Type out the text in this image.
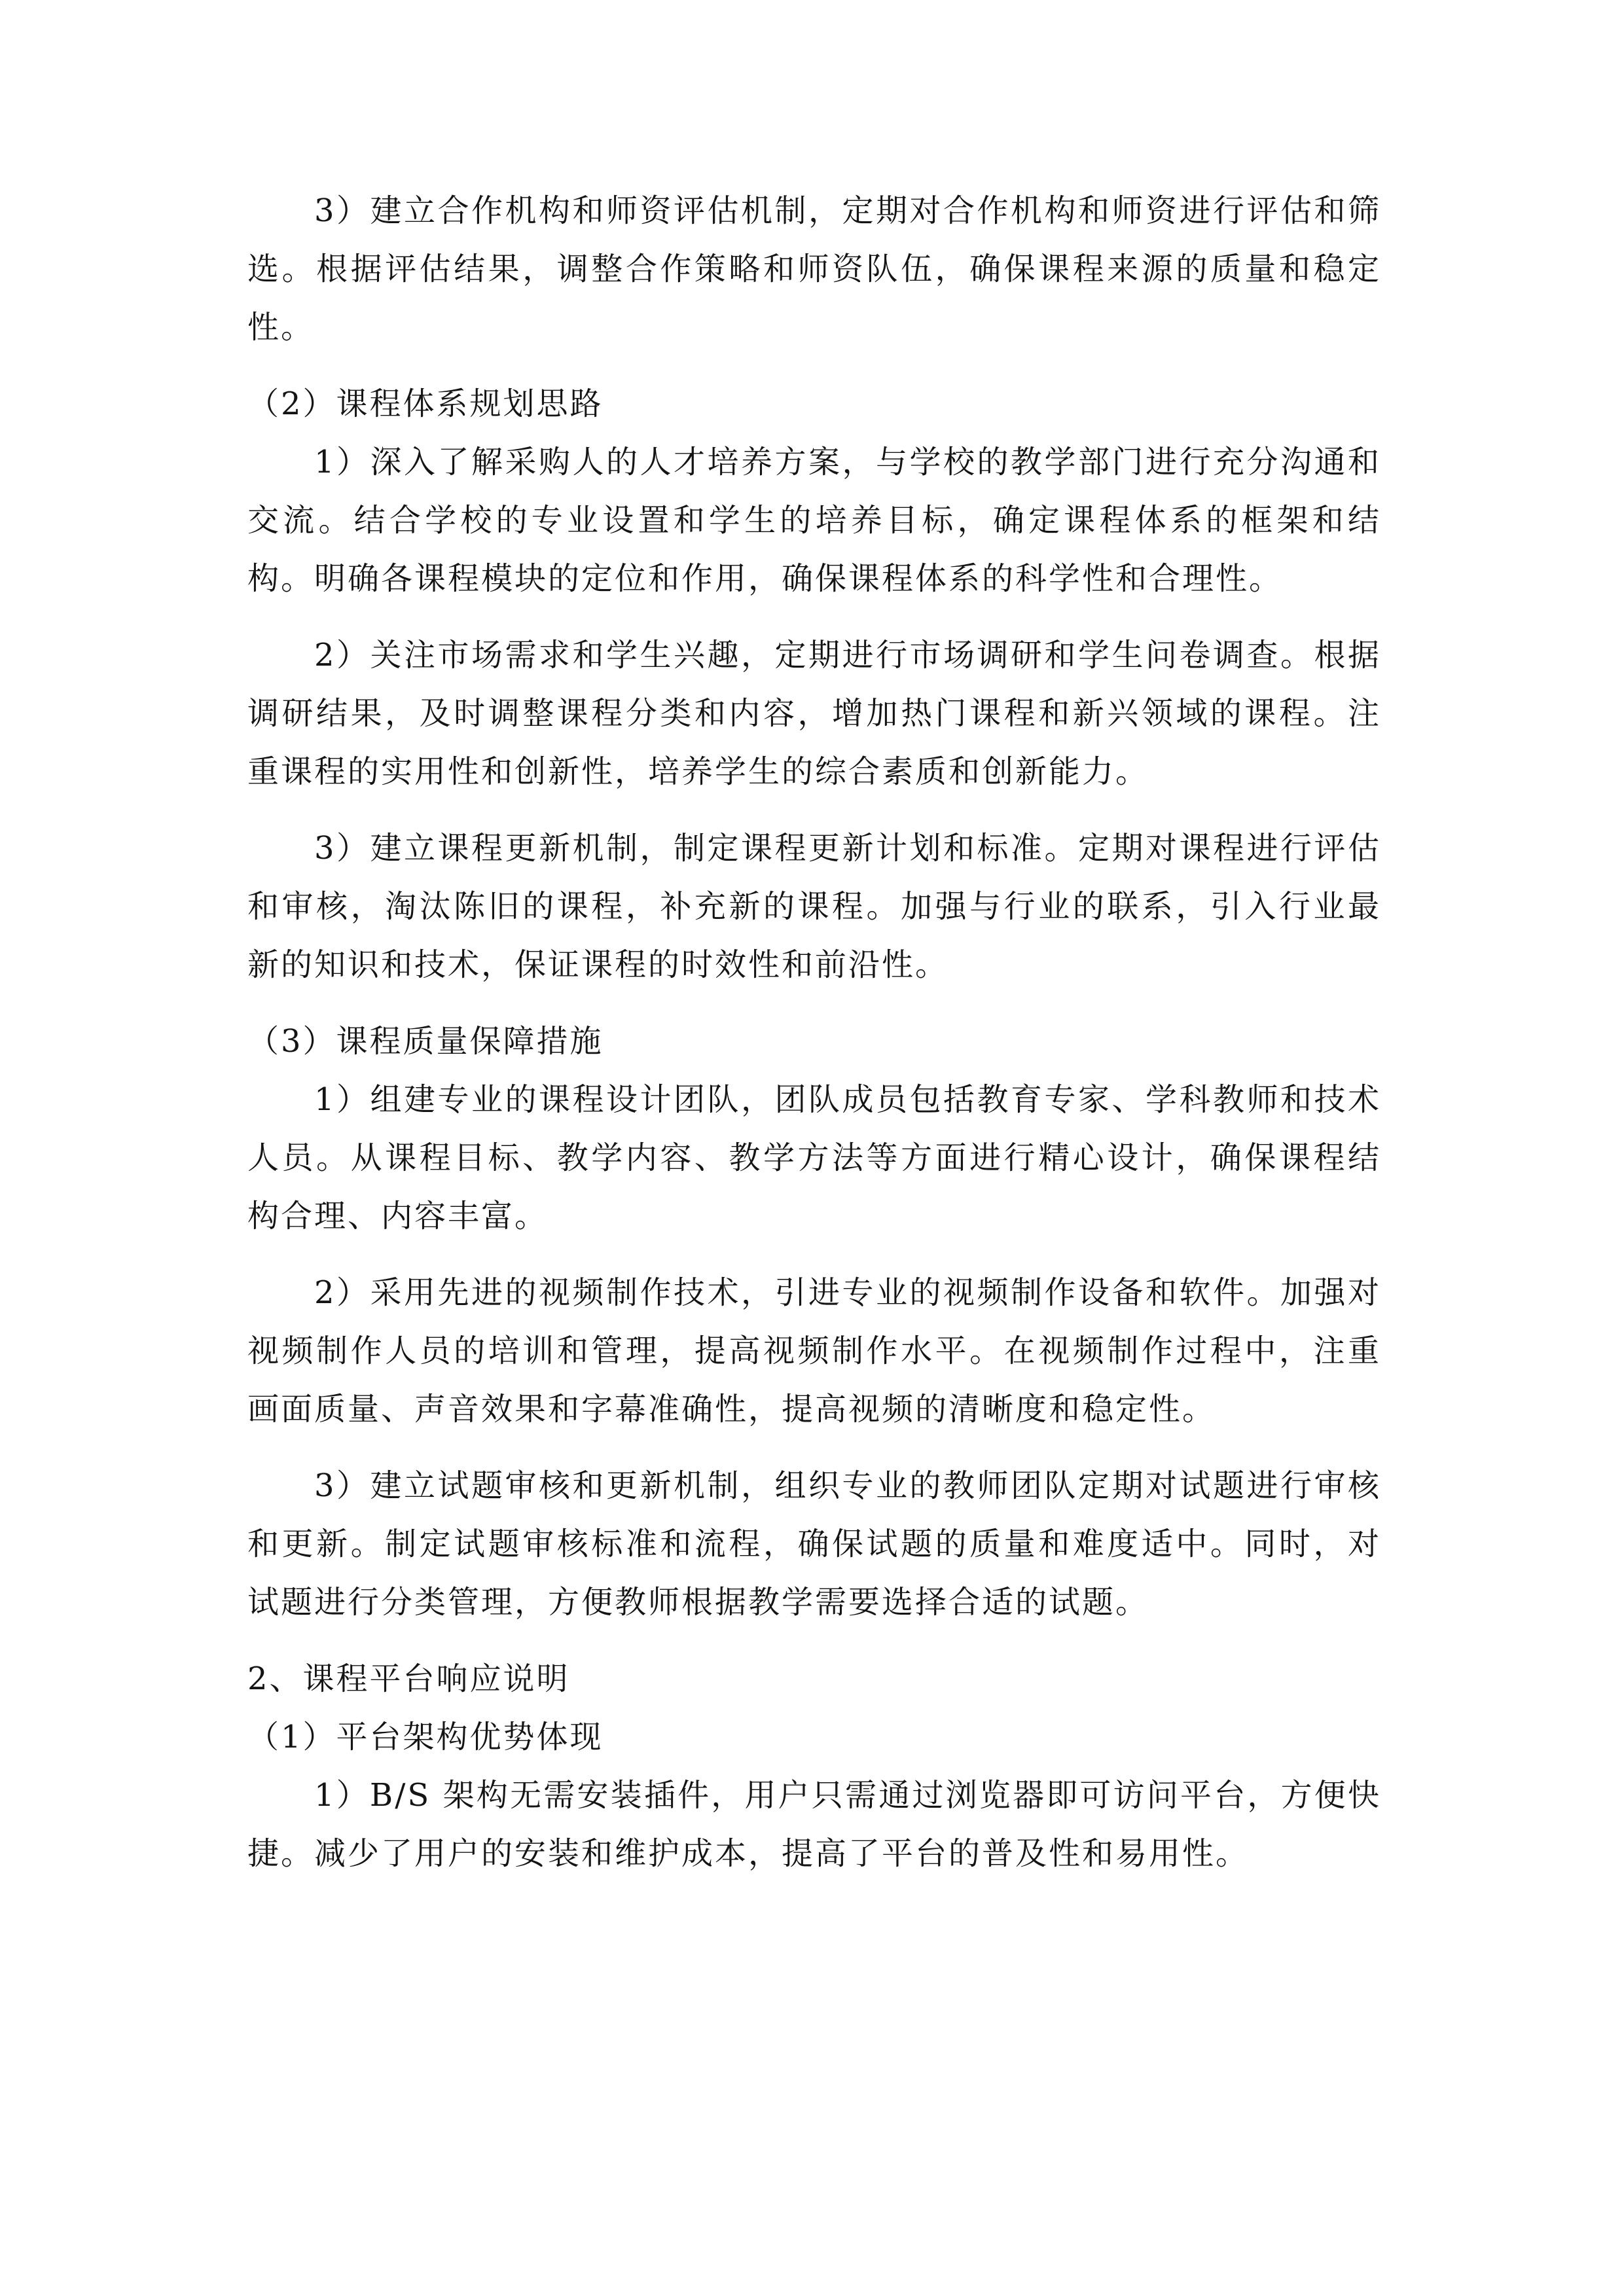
3）建立合作机构和师资评估机制，定期对合作机构和师资进行评估和筛选。根据评估结果，调整合作策略和师资队伍，确保课程来源的质量和稳定性。

（2）课程体系规划思路

1）深入了解采购人的人才培养方案，与学校的教学部门进行充分沟通和交流。结合学校的专业设置和学生的培养目标，确定课程体系的框架和结构。明确各课程模块的定位和作用，确保课程体系的科学性和合理性。

2）关注市场需求和学生兴趣，定期进行市场调研和学生问卷调查。根据调研结果，及时调整课程分类和内容，增加热门课程和新兴领域的课程。注重课程的实用性和创新性，培养学生的综合素质和创新能力。

3）建立课程更新机制，制定课程更新计划和标准。定期对课程进行评估和审核，淘汰陈旧的课程，补充新的课程。加强与行业的联系，引入行业最新的知识和技术，保证课程的时效性和前沿性。

（3）课程质量保障措施

1）组建专业的课程设计团队，团队成员包括教育专家、学科教师和技术人员。从课程目标、教学内容、教学方法等方面进行精心设计，确保课程结构合理、内容丰富。

2）采用先进的视频制作技术，引进专业的视频制作设备和软件。加强对视频制作人员的培训和管理，提高视频制作水平。在视频制作过程中，注重画面质量、声音效果和字幕准确性，提高视频的清晰度和稳定性。

3）建立试题审核和更新机制，组织专业的教师团队定期对试题进行审核和更新。制定试题审核标准和流程，确保试题的质量和难度适中。同时，对试题进行分类管理，方便教师根据教学需要选择合适的试题。

2、课程平台响应说明

（1）平台架构优势体现

1）B/S 架构无需安装插件，用户只需通过浏览器即可访问平台，方便快捷。减少了用户的安装和维护成本，提高了平台的普及性和易用性。
